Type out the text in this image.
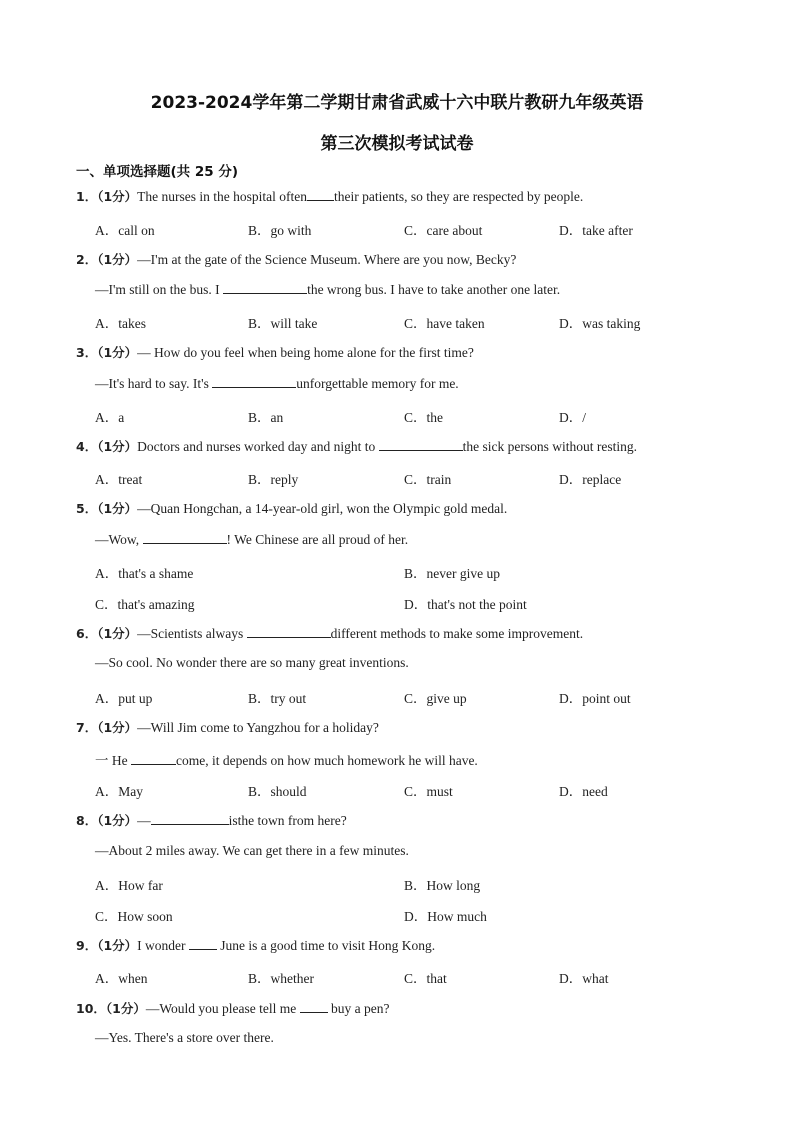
2023-2024学年第二学期甘肃省武威十六中联片教研九年级英语
第三次模拟考试试卷
一、单项选择题(共 25 分)
1．（1分）The nurses in the hospital often their patients, so they are respected by people.
A．call on	B．go with	C．care about	D．take after
2．（1分）—I'm at the gate of the Science Museum. Where are you now, Becky?
—I'm still on the bus. I	the wrong bus. I have to take another one later.
A．takes	B．will take	C．have taken	D．was taking
3．（1分）— How do you feel when being home alone for the first time?
—It's hard to say. It's	unforgettable memory for me.
A．a	B．an	C．the	D．/
4．（1分）Doctors and nurses worked day and night to	the sick persons without resting.
A．treat	B．reply	C．train	D．replace
5．（1分）—Quan Hongchan, a 14-year-old girl, won the Olympic gold medal.
—Wow,	! We Chinese are all proud of her.
A．that's a shame	B．never give up
C．that's amazing	D．that's not the point
6．（1分）—Scientists always	different methods to make some improvement.
—So cool. No wonder there are so many great inventions.
A．put up	B．try out	C．give up	D．point out
7．（1分）—Will Jim come to Yangzhou for a holiday?
一 He	come, it depends on how much homework he will have.
A．May	B．should	C．must	D．need
8．（1分）—	isthe town from here?
—About 2 miles away. We can get there in a few minutes.
A．How far	B．How long
C．How soon	D．How much
9．（1分）I wonder  June is a good time to visit Hong Kong.
A．when	B．whether	C．that	D．what
10．（1分）—Would you please tell me  buy a pen?
—Yes. There's a store over there.
